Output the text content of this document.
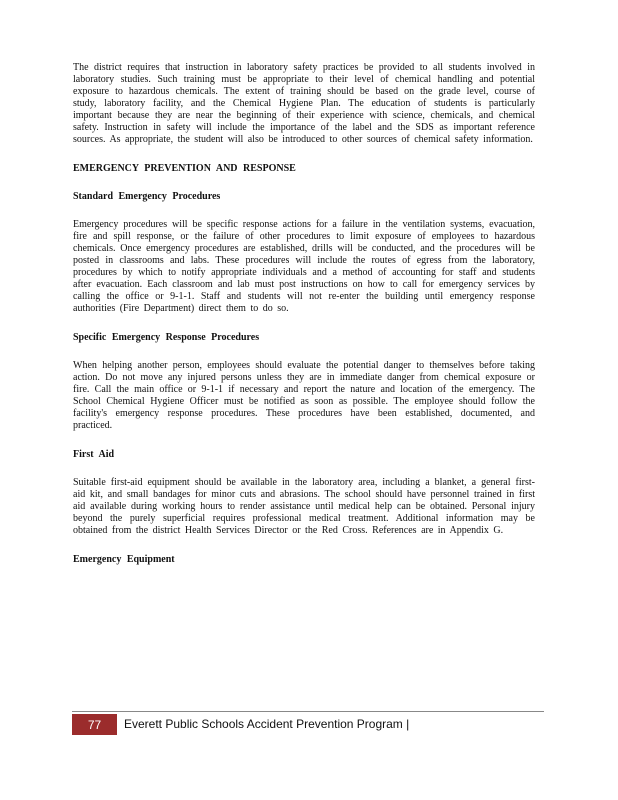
The district requires that instruction in laboratory safety practices be provided to all students involved in laboratory studies. Such training must be appropriate to their level of chemical handling and potential exposure to hazardous chemicals. The extent of training should be based on the grade level, course of study, laboratory facility, and the Chemical Hygiene Plan. The education of students is particularly important because they are near the beginning of their experience with science, chemicals, and chemical safety. Instruction in safety will include the importance of the label and the SDS as important reference sources. As appropriate, the student will also be introduced to other sources of chemical safety information.

EMERGENCY PREVENTION AND RESPONSE

Standard Emergency Procedures

Emergency procedures will be specific response actions for a failure in the ventilation systems, evacuation, fire and spill response, or the failure of other procedures to limit exposure of employees to hazardous chemicals. Once emergency procedures are established, drills will be conducted, and the procedures will be posted in classrooms and labs. These procedures will include the routes of egress from the laboratory, procedures by which to notify appropriate individuals and a method of accounting for staff and students after evacuation. Each classroom and lab must post instructions on how to call for emergency services by calling the office or 9-1-1. Staff and students will not re-enter the building until emergency response authorities (Fire Department) direct them to do so.

Specific Emergency Response Procedures

When helping another person, employees should evaluate the potential danger to themselves before taking action. Do not move any injured persons unless they are in immediate danger from chemical exposure or fire. Call the main office or 9-1-1 if necessary and report the nature and location of the emergency. The School Chemical Hygiene Officer must be notified as soon as possible. The employee should follow the facility's emergency response procedures. These procedures have been established, documented, and practiced.

First Aid

Suitable first-aid equipment should be available in the laboratory area, including a blanket, a general first-aid kit, and small bandages for minor cuts and abrasions. The school should have personnel trained in first aid available during working hours to render assistance until medical help can be obtained. Personal injury beyond the purely superficial requires professional medical treatment. Additional information may be obtained from the district Health Services Director or the Red Cross. References are in Appendix G.

Emergency Equipment

77	Everett Public Schools Accident Prevention Program |
